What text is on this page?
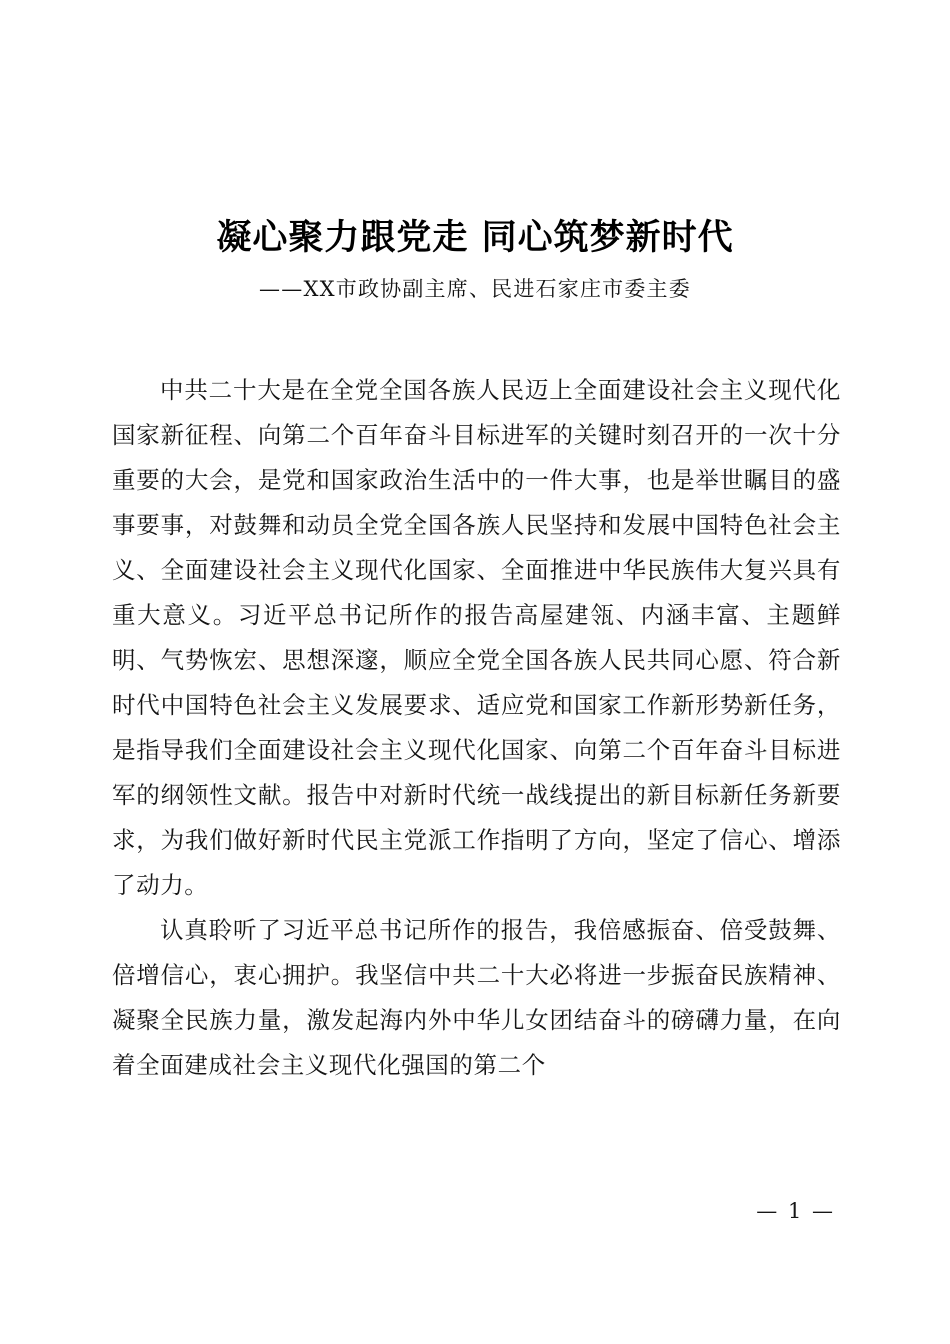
凝心聚力跟党走 同心筑梦新时代
——XX市政协副主席、民进石家庄市委主委

中共二十大是在全党全国各族人民迈上全面建设社会主义现代化国家新征程、向第二个百年奋斗目标进军的关键时刻召开的一次十分重要的大会，是党和国家政治生活中的一件大事，也是举世瞩目的盛事要事，对鼓舞和动员全党全国各族人民坚持和发展中国特色社会主义、全面建设社会主义现代化国家、全面推进中华民族伟大复兴具有重大意义。习近平总书记所作的报告高屋建瓴、内涵丰富、主题鲜明、气势恢宏、思想深邃，顺应全党全国各族人民共同心愿、符合新时代中国特色社会主义发展要求、适应党和国家工作新形势新任务，是指导我们全面建设社会主义现代化国家、向第二个百年奋斗目标进军的纲领性文献。报告中对新时代统一战线提出的新目标新任务新要求，为我们做好新时代民主党派工作指明了方向，坚定了信心、增添了动力。

认真聆听了习近平总书记所作的报告，我倍感振奋、倍受鼓舞、倍增信心，衷心拥护。我坚信中共二十大必将进一步振奋民族精神、凝聚全民族力量，激发起海内外中华儿女团结奋斗的磅礴力量，在向着全面建成社会主义现代化强国的第二个

— 1 —
